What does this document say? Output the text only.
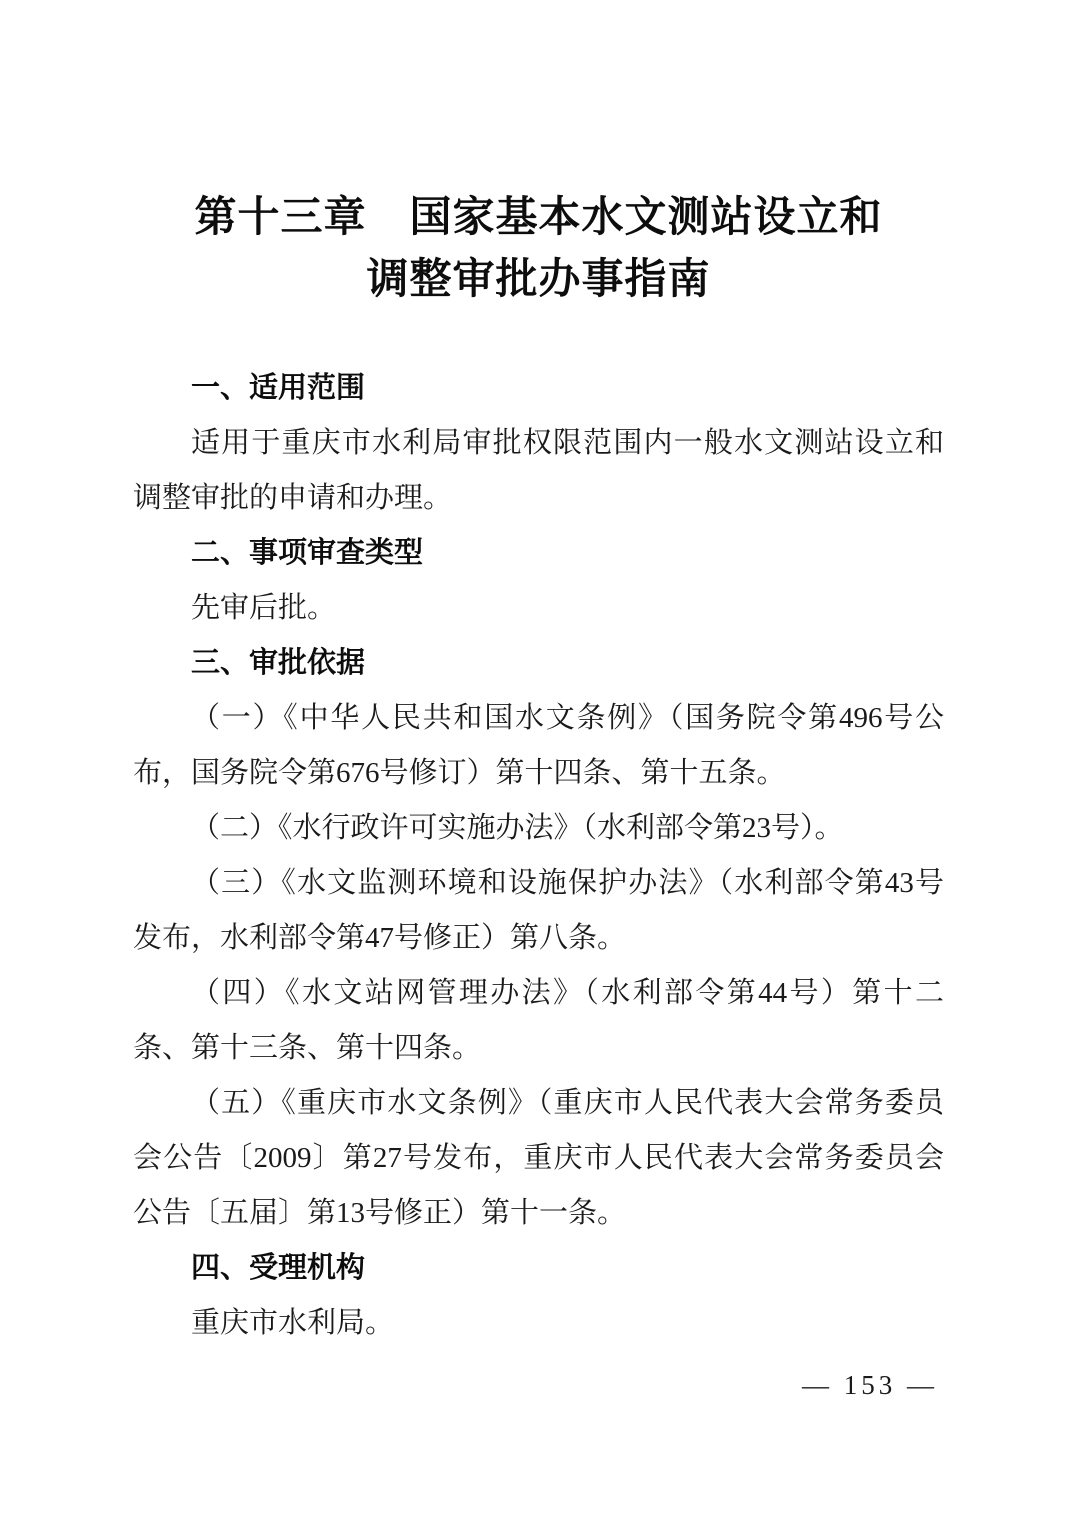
第十三章　国家基本水文测站设立和
调整审批办事指南
一、适用范围

适用于重庆市水利局审批权限范围内一般水文测站设立和调整审批的申请和办理。

二、事项审查类型

先审后批。

三、审批依据

（一）《中华人民共和国水文条例》（国务院令第496号公布，国务院令第676号修订）第十四条、第十五条。

（二）《水行政许可实施办法》（水利部令第23号）。

（三）《水文监测环境和设施保护办法》（水利部令第43号发布，水利部令第47号修正）第八条。

（四）《水文站网管理办法》（水利部令第44号）第十二条、第十三条、第十四条。

（五）《重庆市水文条例》（重庆市人民代表大会常务委员会公告〔2009〕第27号发布，重庆市人民代表大会常务委员会公告〔五届〕第13号修正）第十一条。

四、受理机构

重庆市水利局。

— 153 —
